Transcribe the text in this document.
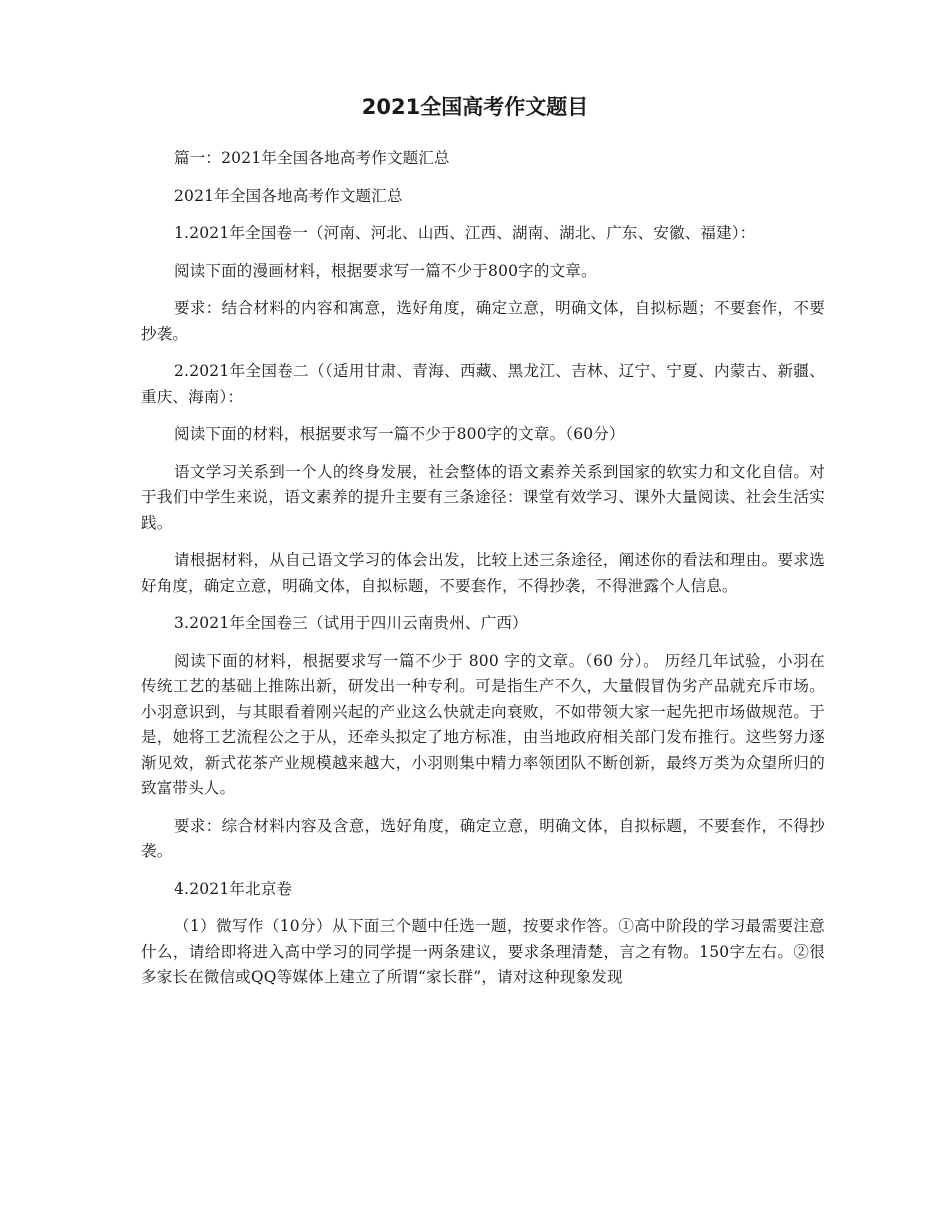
2021全国高考作文题目

篇一：2021年全国各地高考作文题汇总

2021年全国各地高考作文题汇总

1.2021年全国卷一（河南、河北、山西、江西、湖南、湖北、广东、安徽、福建）：

阅读下面的漫画材料，根据要求写一篇不少于800字的文章。

要求：结合材料的内容和寓意，选好角度，确定立意，明确文体，自拟标题；不要套作，不要抄袭。

2.2021年全国卷二（（适用甘肃、青海、西藏、黑龙江、吉林、辽宁、宁夏、内蒙古、新疆、重庆、海南）：

阅读下面的材料，根据要求写一篇不少于800字的文章。（60分）

语文学习关系到一个人的终身发展，社会整体的语文素养关系到国家的软实力和文化自信。对于我们中学生来说，语文素养的提升主要有三条途径：课堂有效学习、课外大量阅读、社会生活实践。

请根据材料，从自己语文学习的体会出发，比较上述三条途径，阐述你的看法和理由。要求选好角度，确定立意，明确文体，自拟标题，不要套作，不得抄袭，不得泄露个人信息。

3.2021年全国卷三（试用于四川云南贵州、广西）

阅读下面的材料，根据要求写一篇不少于 800 字的文章。（60 分）。 历经几年试验，小羽在传统工艺的基础上推陈出新，研发出一种专利。可是指生产不久，大量假冒伪劣产品就充斥市场。小羽意识到，与其眼看着刚兴起的产业这么快就走向衰败，不如带领大家一起先把市场做规范。于是，她将工艺流程公之于从，还牵头拟定了地方标准，由当地政府相关部门发布推行。这些努力逐渐见效，新式花茶产业规模越来越大，小羽则集中精力率领团队不断创新，最终万类为众望所归的致富带头人。

要求：综合材料内容及含意，选好角度，确定立意，明确文体，自拟标题，不要套作，不得抄袭。

4.2021年北京卷

（1）微写作（10分）从下面三个题中任选一题，按要求作答。①高中阶段的学习最需要注意什么，请给即将进入高中学习的同学提一两条建议，要求条理清楚，言之有物。150字左右。②很多家长在微信或QQ等媒体上建立了所谓“家长群”，请对这种现象发现
